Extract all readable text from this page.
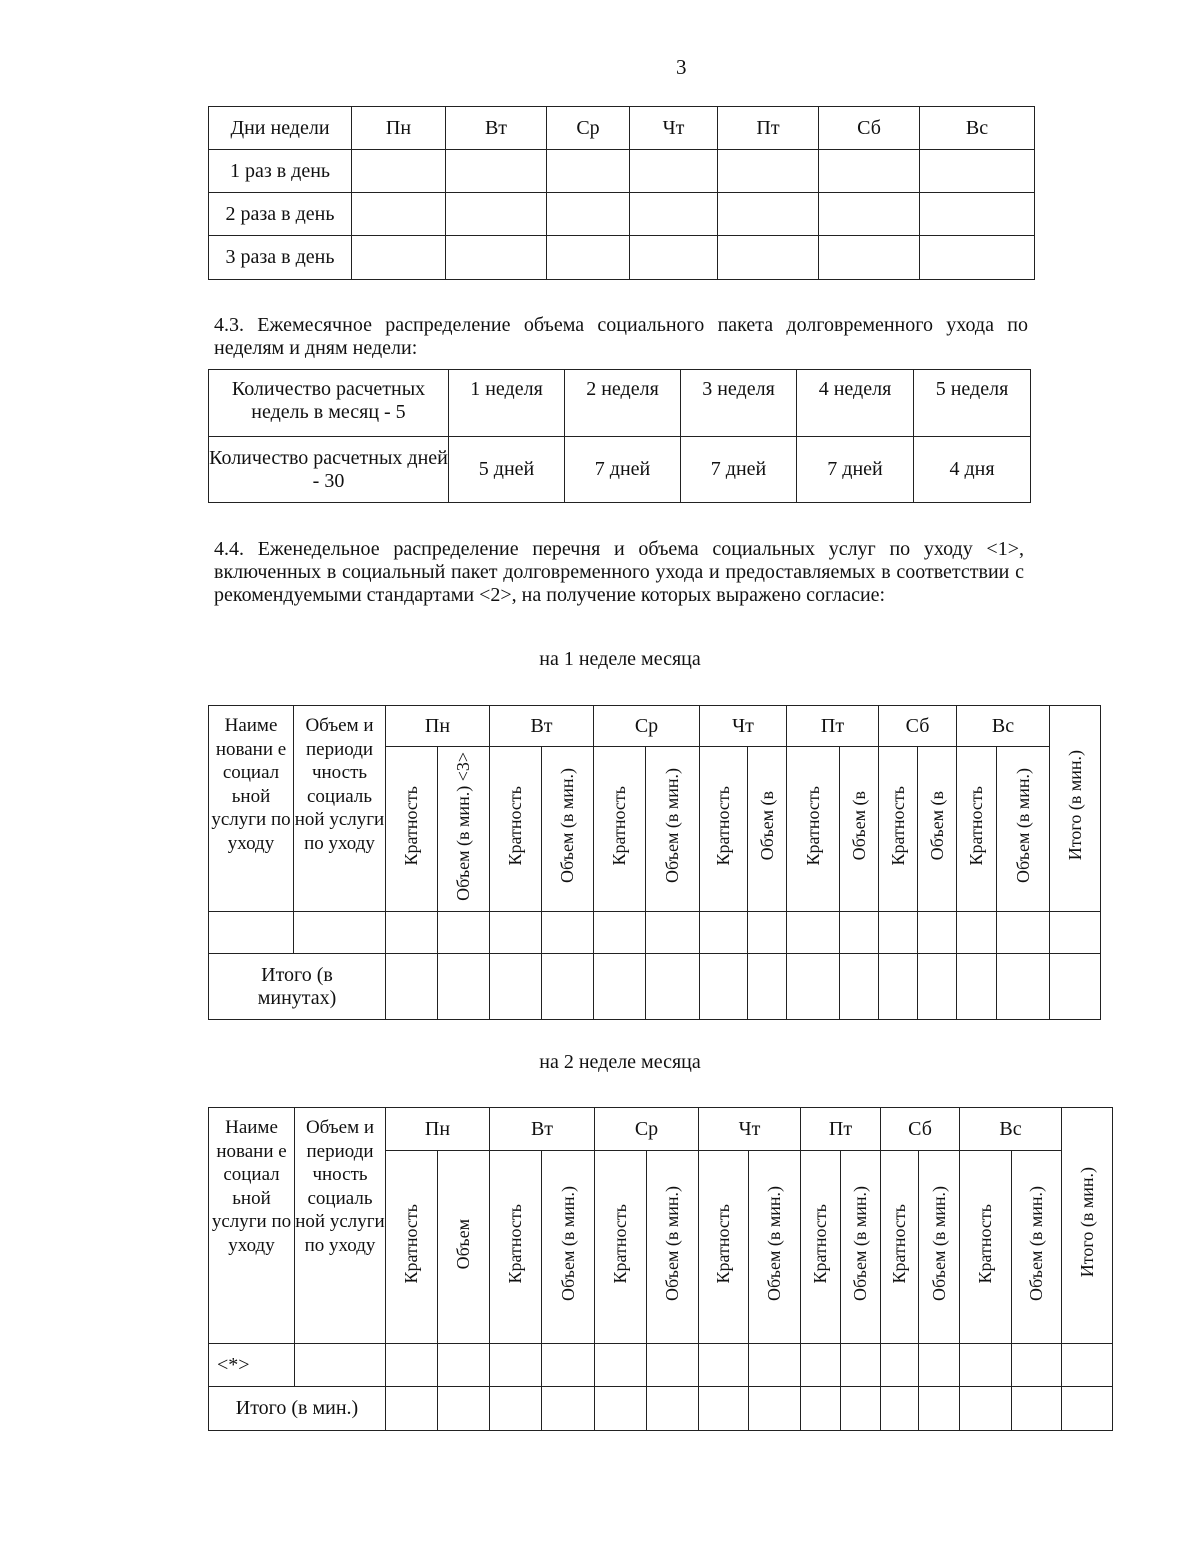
3
Дни недели	Пн	Вт	Ср	Чт	Пт	Сб	Вс
1 раз в день							
2 раза в день							
3 раза в день							
4.3. Ежемесячное распределение объема социального пакета долговременного ухода по неделям и дням недели:
Количество расчетных недель в месяц - 5	1 неделя	2 неделя	3 неделя	4 неделя	5 неделя
Количество расчетных дней - 30	5 дней	7 дней	7 дней	7 дней	4 дня
4.4. Еженедельное распределение перечня и объема социальных услуг по уходу <1>, включенных в социальный пакет долговременного ухода и предоставляемых в соответствии с рекомендуемыми стандартами <2>, на получение которых выражено согласие:
на 1 неделе месяца
Наиме новани е социал ьной услуги по уходу	Объем и периоди чность социаль ной услуги по уходу	Пн		Вт		Ср		Чт		Пт		Сб		Вс		Итого (в мин.)
		Кратность	Объем (в мин.) <3>	Кратность	Объем (в мин.)	Кратность	Объем (в мин.)	Кратность	Объем (в	Кратность	Объем (в	Кратность	Объем (в	Кратность	Объем (в мин.)	

Итого (в минутах)																

на 2 неделе месяца
Наиме новани е социал ьной услуги по уходу	Объем и периоди чность социаль ной услуги по уходу	Пн		Вт		Ср		Чт		Пт		Сб		Вс		Итого (в мин.)
		Кратность	Объем	Кратность	Объем (в мин.)	Кратность	Объем (в мин.)	Кратность	Объем (в мин.)	Кратность	Объем (в мин.)	Кратность	Объем (в мин.)	Кратность	Объем (в мин.)	
<*>																
Итого (в мин.)																
